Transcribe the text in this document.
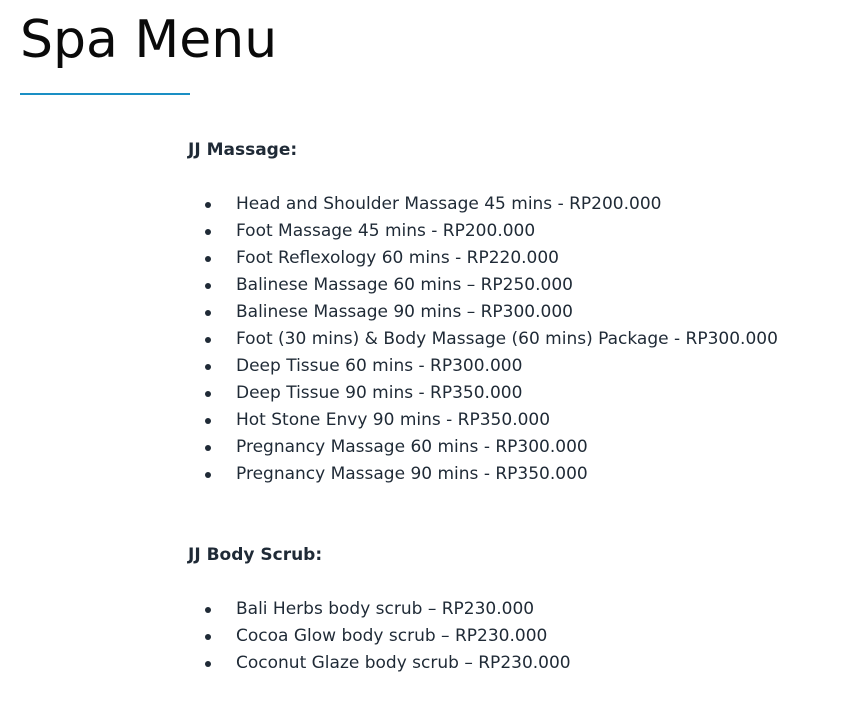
Spa Menu
JJ Massage:
Head and Shoulder Massage 45 mins - RP200.000
Foot Massage 45 mins - RP200.000
Foot Reflexology 60 mins - RP220.000
Balinese Massage 60 mins – RP250.000
Balinese Massage 90 mins – RP300.000
Foot (30 mins) & Body Massage (60 mins) Package - RP300.000
Deep Tissue 60 mins - RP300.000
Deep Tissue 90 mins - RP350.000
Hot Stone Envy 90 mins - RP350.000
Pregnancy Massage 60 mins - RP300.000
Pregnancy Massage 90 mins - RP350.000
JJ Body Scrub:
Bali Herbs body scrub – RP230.000
Cocoa Glow body scrub – RP230.000
Coconut Glaze body scrub – RP230.000
